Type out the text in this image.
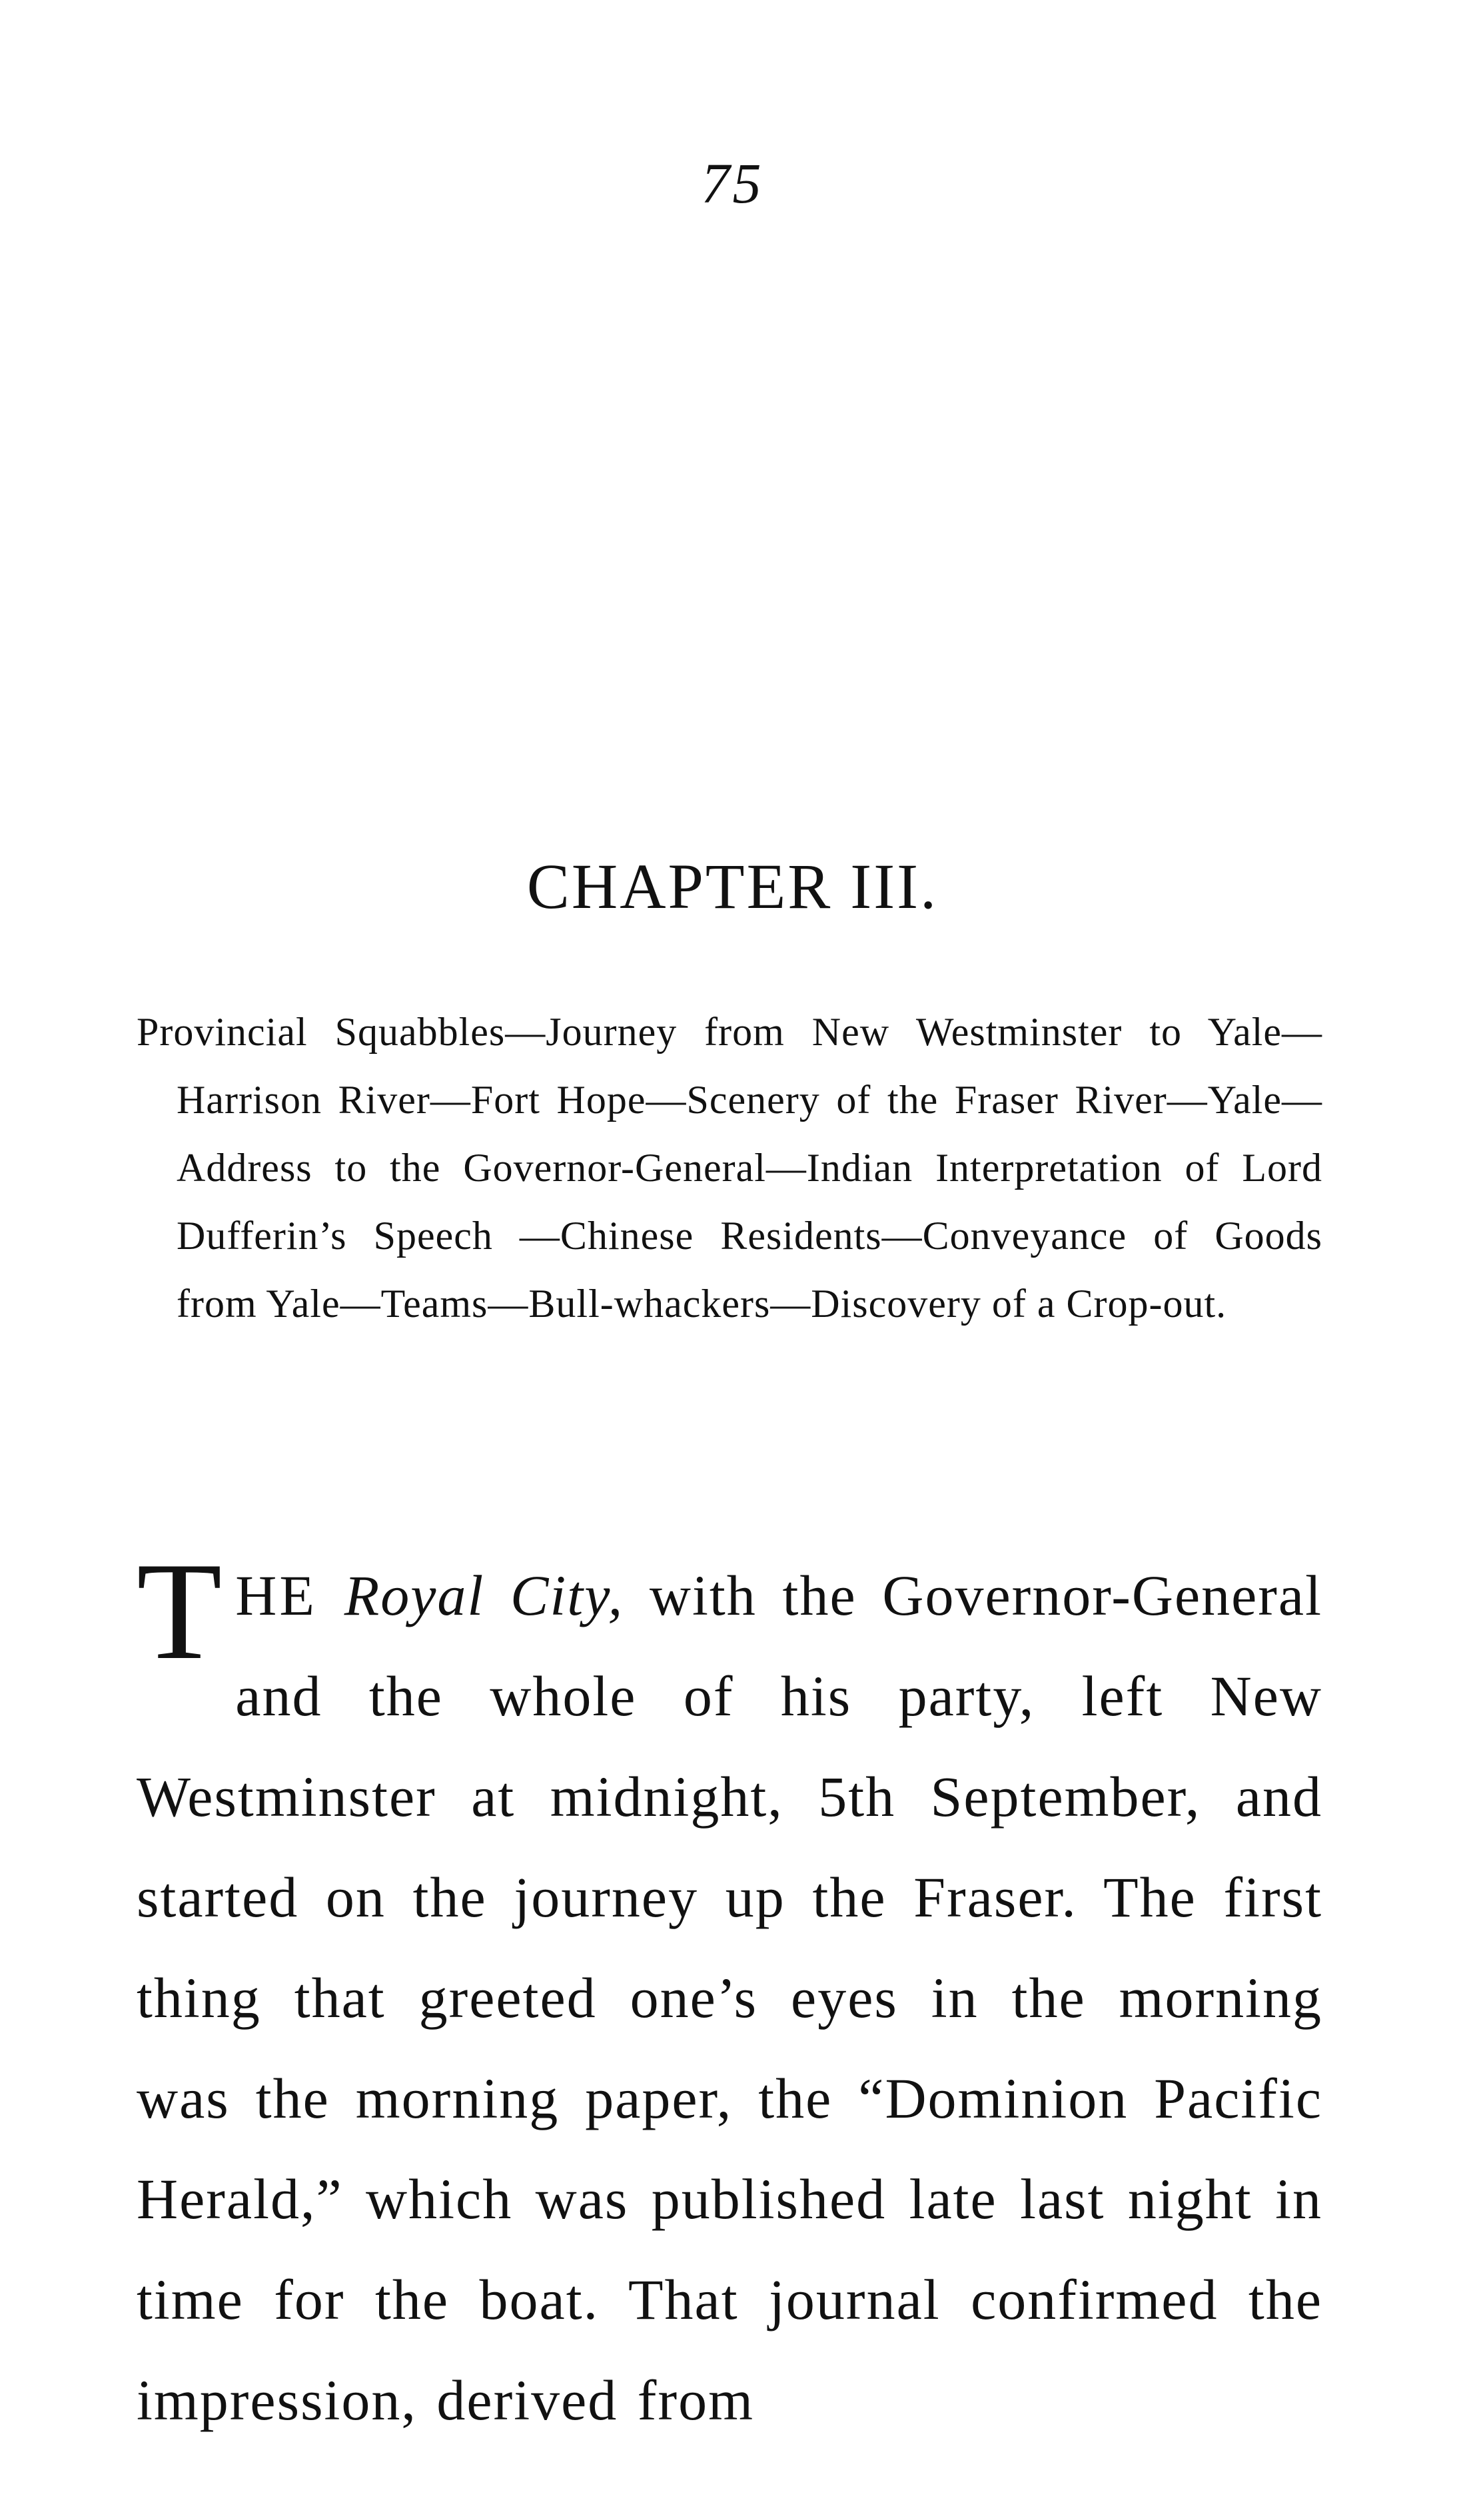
75
CHAPTER III.
Provincial Squabbles—Journey from New Westminster to Yale—Harrison River—Fort Hope—Scenery of the Fraser River—Yale—Address to the Governor-General—Indian Interpretation of Lord Dufferin’s Speech —Chinese Residents—Conveyance of Goods from Yale—Teams—Bull-whackers—Discovery of a Crop-out.
T HE Royal City, with the Governor-General and the whole of his party, left New Westminster at midnight, 5th September, and started on the journey up the Fraser. The first thing that greeted one’s eyes in the morning was the morning paper, the “Dominion Pacific Herald,” which was published late last night in time for the boat. That journal confirmed the impression, derived from
